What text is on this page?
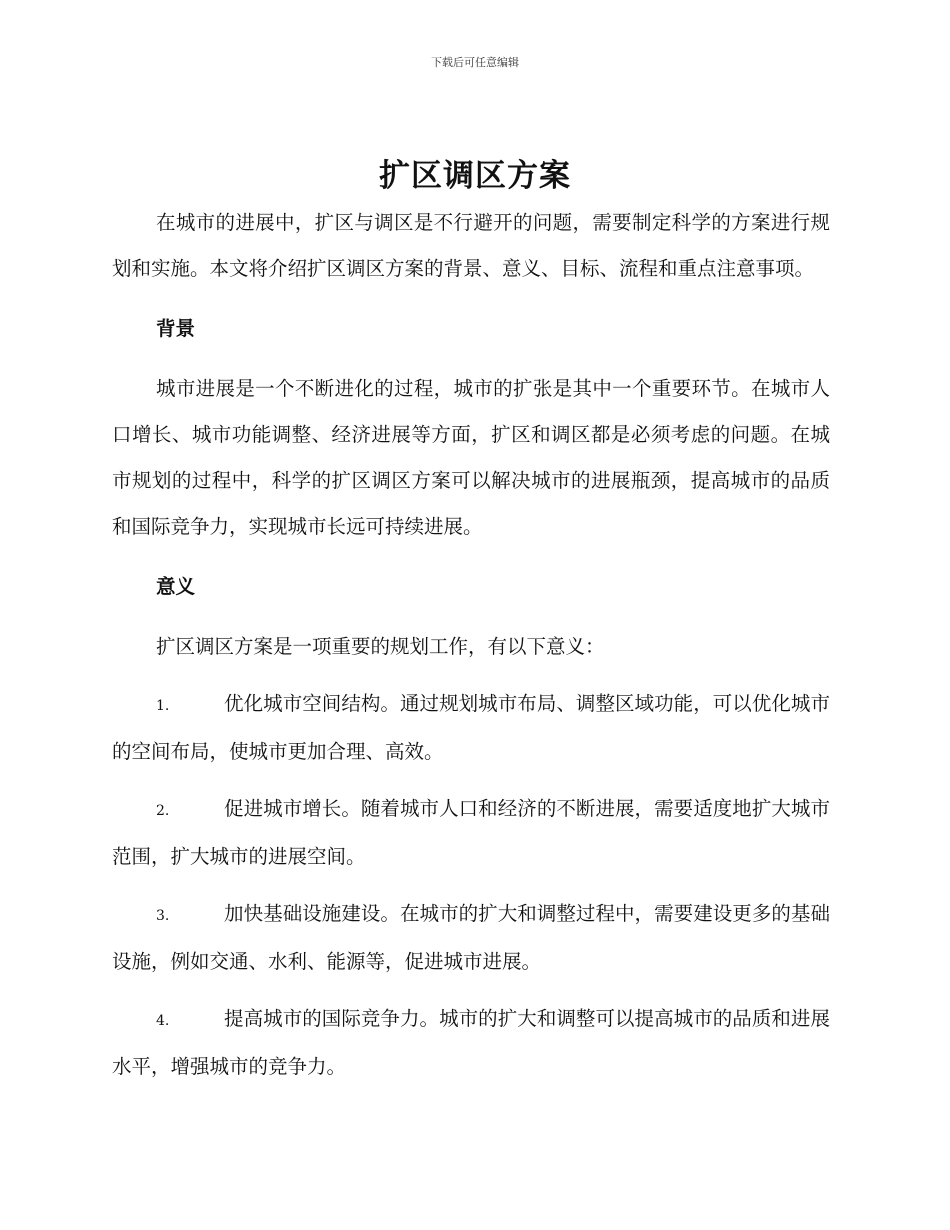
下载后可任意编辑
扩区调区方案

在城市的进展中，扩区与调区是不行避开的问题，需要制定科学的方案进行规划和实施。本文将介绍扩区调区方案的背景、意义、目标、流程和重点注意事项。

背景

城市进展是一个不断进化的过程，城市的扩张是其中一个重要环节。在城市人口增长、城市功能调整、经济进展等方面，扩区和调区都是必须考虑的问题。在城市规划的过程中，科学的扩区调区方案可以解决城市的进展瓶颈，提高城市的品质和国际竞争力，实现城市长远可持续进展。

意义

扩区调区方案是一项重要的规划工作，有以下意义：

1.	优化城市空间结构。通过规划城市布局、调整区域功能，可以优化城市的空间布局，使城市更加合理、高效。

2.	促进城市增长。随着城市人口和经济的不断进展，需要适度地扩大城市范围，扩大城市的进展空间。

3.	加快基础设施建设。在城市的扩大和调整过程中，需要建设更多的基础设施，例如交通、水利、能源等，促进城市进展。

4.	提高城市的国际竞争力。城市的扩大和调整可以提高城市的品质和进展水平，增强城市的竞争力。
